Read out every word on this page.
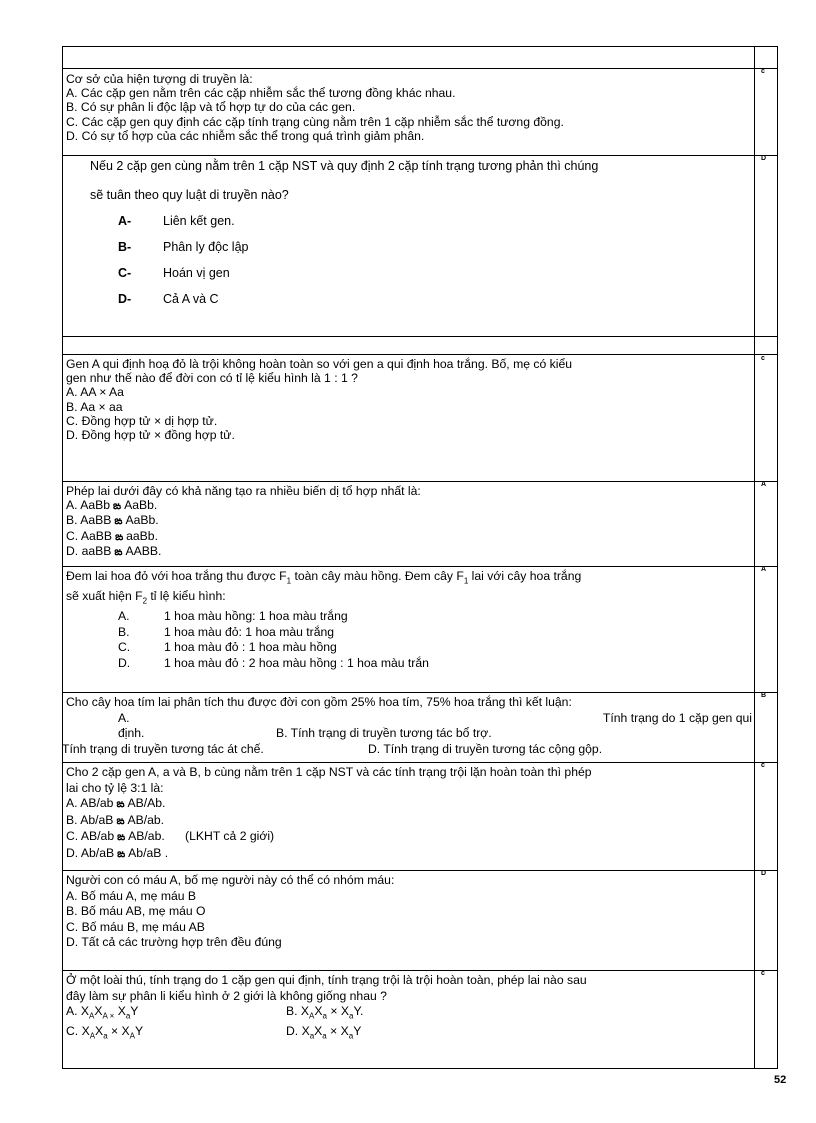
Cơ sở của hiện tượng di truyền là:
A. Các cặp gen nằm trên các cặp nhiễm sắc thể tương đồng khác nhau.
B. Có sự phân li độc lập và tổ hợp tự do của các gen.
C. Các cặp gen quy định các cặp tính trạng cùng nằm trên 1 cặp nhiễm sắc thể tương đồng.
D. Có sự tổ hợp của các nhiễm sắc thể trong quá trình giảm phân.
c
Nếu 2 cặp gen cùng nằm trên 1 cặp NST và quy định 2 cặp tính trạng tương phản thì chúng
sẽ tuân theo quy luật di truyền nào?
A-	Liên kết gen.
B-	Phân ly độc lập
C-	Hoán vị gen
D-	Cả A và C
D
Gen A qui định hoạ đỏ là trội không hoàn toàn so với gen a qui định hoa trắng. Bố, mẹ có kiểu
gen như thế nào để đời con có tỉ lệ kiểu hình là 1 : 1 ?
A. AA × Aa
B. Aa × aa
C. Đồng hợp tử × dị hợp tử.
D. Đồng hợp tử × đồng hợp tử.
c
Phép lai dưới đây có khả năng tạo ra nhiều biến dị tổ hợp nhất là:
A. AaBb ఙ AaBb.
B. AaBB ఙ AaBb.
C. AaBB ఙ aaBb.
D. aaBB ఙ AABB.
A
Đem lai hoa đỏ với hoa trắng thu được $F_1$ toàn cây màu hồng. Đem cây $F_1$ lai với cây hoa trắng
sẽ xuất hiện $F_2$ tỉ lệ kiểu hình:
A.	1 hoa màu hồng: 1 hoa màu trắng
B.	1 hoa màu đỏ: 1 hoa màu trắng
C.	1 hoa màu đỏ : 1 hoa màu hồng
D.	1 hoa màu đỏ : 2 hoa màu hồng : 1 hoa màu trắn
A
Cho cây hoa tím lai phân tích thu được đời con gồm 25% hoa tím, 75% hoa trắng thì kết luận:
A.	Tính trạng do 1 cặp gen qui
định.	B. Tính trạng di truyền tương tác bổ trợ.
Tính trạng di truyền tương tác át chế.	D. Tính trạng di truyền tương tác cộng gộp.
B
Cho 2 cặp gen A, a và B, b cùng nằm trên 1 cặp NST và các tính trạng trội lặn hoàn toàn thì phép
lai cho tỷ lệ 3:1 là:
A. AB/ab ఙ AB/Ab.
B. Ab/aB ఙ AB/ab.
C. AB/ab ఙ AB/ab.      (LKHT cả 2 giới)
D. Ab/aB ఙ Ab/aB .
c
Người con có máu A, bố mẹ người này có thể có nhóm máu:
A. Bố máu A, mẹ máu B
B. Bố máu AB, mẹ máu O
C. Bố máu B, mẹ máu AB
D. Tất cả các trường hợp trên đều đúng
D
Ở một loài thú, tính trạng do 1 cặp gen qui định, tính trạng trội là trội hoàn toàn, phép lai nào sau
đây làm sự phân li kiểu hình ở 2 giới là không giống nhau ?
A. $X_AX_{A \times}$ $X_aY$	B. $X_AX_a \times X_aY$.
C. $X_AX_a \times X_AY$	D. $X_aX_a \times X_aY$
c
52
